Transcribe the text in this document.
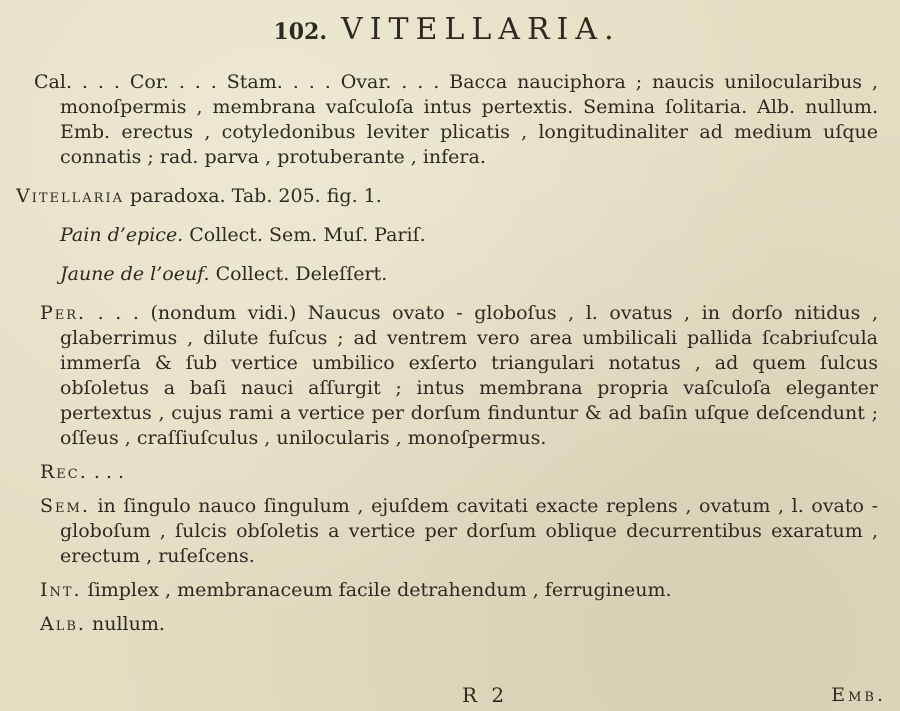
102. VITELLARIA.

Cal. . . . Cor. . . . Stam. . . . Ovar. . . . Bacca nauciphora ; naucis unilocularibus , monoſpermis , membrana vaſculoſa intus pertextis. Semina ſolitaria. Alb. nullum. Emb. erectus , cotyledonibus leviter plicatis , longitudinaliter ad medium uſque connatis ; rad. parva , protuberante , infera.

Vitellaria paradoxa. Tab. 205. fig. 1.

Pain d’epice. Collect. Sem. Muſ. Pariſ.

Jaune de l’oeuf. Collect. Deleſſert.

Per. . . . (nondum vidi.) Naucus ovato - globoſus , l. ovatus , in dorſo nitidus , glaberrimus , dilute fuſcus ; ad ventrem vero area umbilicali pallida ſcabriuſcula immerſa & ſub vertice umbilico exſerto triangulari notatus , ad quem ſulcus obſoletus a baſi nauci aſſurgit ; intus membrana propria vaſculoſa eleganter pertextus , cujus rami a vertice per dorſum finduntur & ad baſin uſque deſcendunt ; oſſeus , craſſiuſculus , unilocularis , monoſpermus.

Rec. . . .

Sem. in ſingulo nauco ſingulum , ejuſdem cavitati exacte replens , ovatum , l. ovato - globoſum , ſulcis obſoletis a vertice per dorſum oblique decurrentibus exaratum , erectum , ruſeſcens.

Int. ſimplex , membranaceum facile detrahendum , ferrugineum.

Alb. nullum.

R 2	Emb.
